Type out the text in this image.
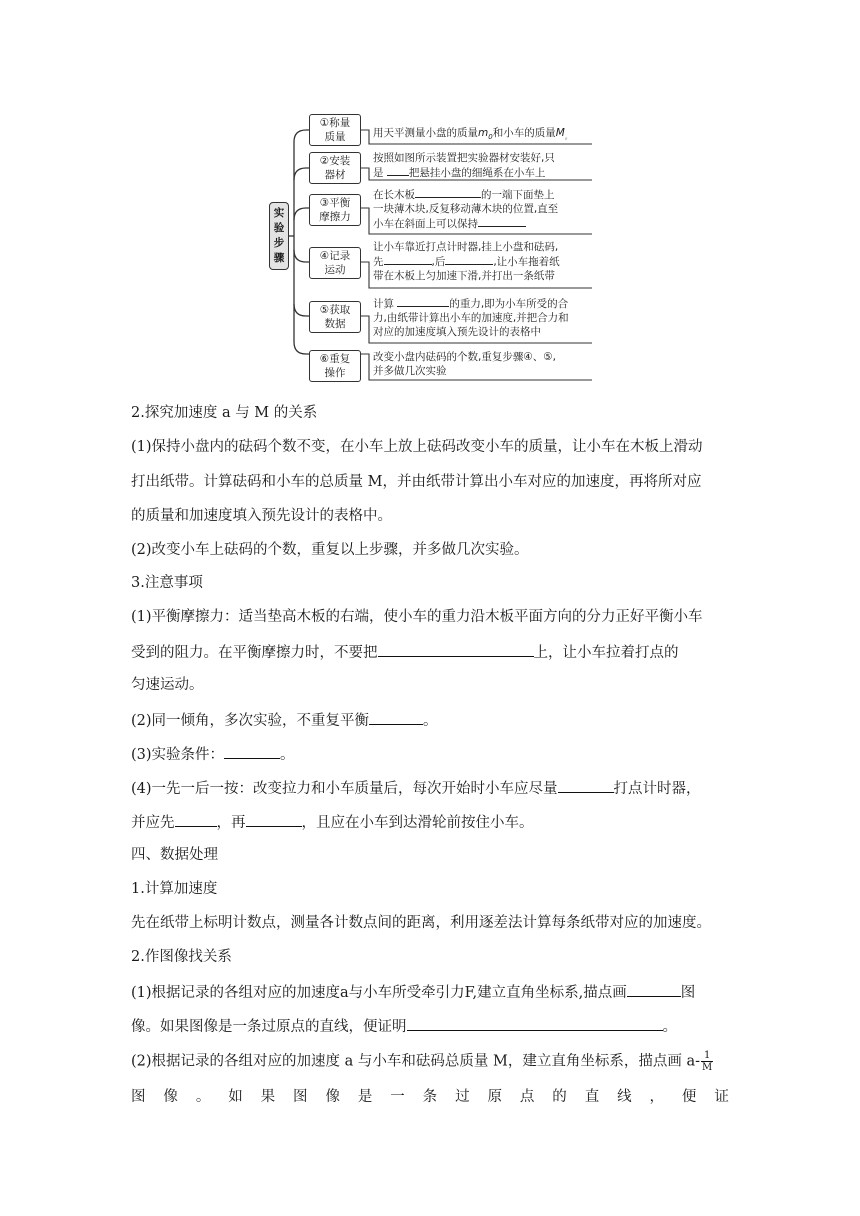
实
验
步
骤
①称量
质量	用天平测量小盘的质量$m_0$和小车的质量$M_。$
②安装
器材
按照如图所示装置把实验器材安装好,只
是 把悬挂小盘的细绳系在小车上
③平衡
摩擦力
在长木板	的一端下面垫上
一块薄木块,反复移动薄木块的位置,直至
小车在斜面上可以保持
④记录
运动
让小车靠近打点计时器,挂上小盘和砝码,
先	,后	,让小车拖着纸
带在木板上匀加速下滑,并打出一条纸带
⑤获取
数据
计算	的重力,即为小车所受的合
力,由纸带计算出小车的加速度,并把合力和
对应的加速度填入预先设计的表格中
⑥重复
操作
改变小盘内砝码的个数,重复步骤④、⑤,
并多做几次实验
2.探究加速度 a 与 M 的关系
(1)保持小盘内的砝码个数不变，在小车上放上砝码改变小车的质量，让小车在木板上滑动
打出纸带。计算砝码和小车的总质量 M，并由纸带计算出小车对应的加速度，再将所对应
的质量和加速度填入预先设计的表格中。
(2)改变小车上砝码的个数，重复以上步骤，并多做几次实验。
3.注意事项
(1)平衡摩擦力：适当垫高木板的右端，使小车的重力沿木板平面方向的分力正好平衡小车
受到的阻力。在平衡摩擦力时，不要把	上，让小车拉着打点的
匀速运动。
(2)同一倾角，多次实验，不重复平衡	。
(3)实验条件：	。
(4)一先一后一按：改变拉力和小车质量后，每次开始时小车应尽量	打点计时器，
并应先	，再	，且应在小车到达滑轮前按住小车。
四、数据处理
1.计算加速度
先在纸带上标明计数点，测量各计数点间的距离，利用逐差法计算每条纸带对应的加速度。
2.作图像找关系
(1)根据记录的各组对应的加速度a与小车所受牵引力F,建立直角坐标系,描点画	图
像。如果图像是一条过原点的直线，便证明	。
(2)根据记录的各组对应的加速度 a 与小车和砝码总质量 M，建立直角坐标系，描点画 $a- \frac{1}{M}$
图 像 。 如 果 图 像 是 一 条 过 原 点 的 直 线 ， 便 证
